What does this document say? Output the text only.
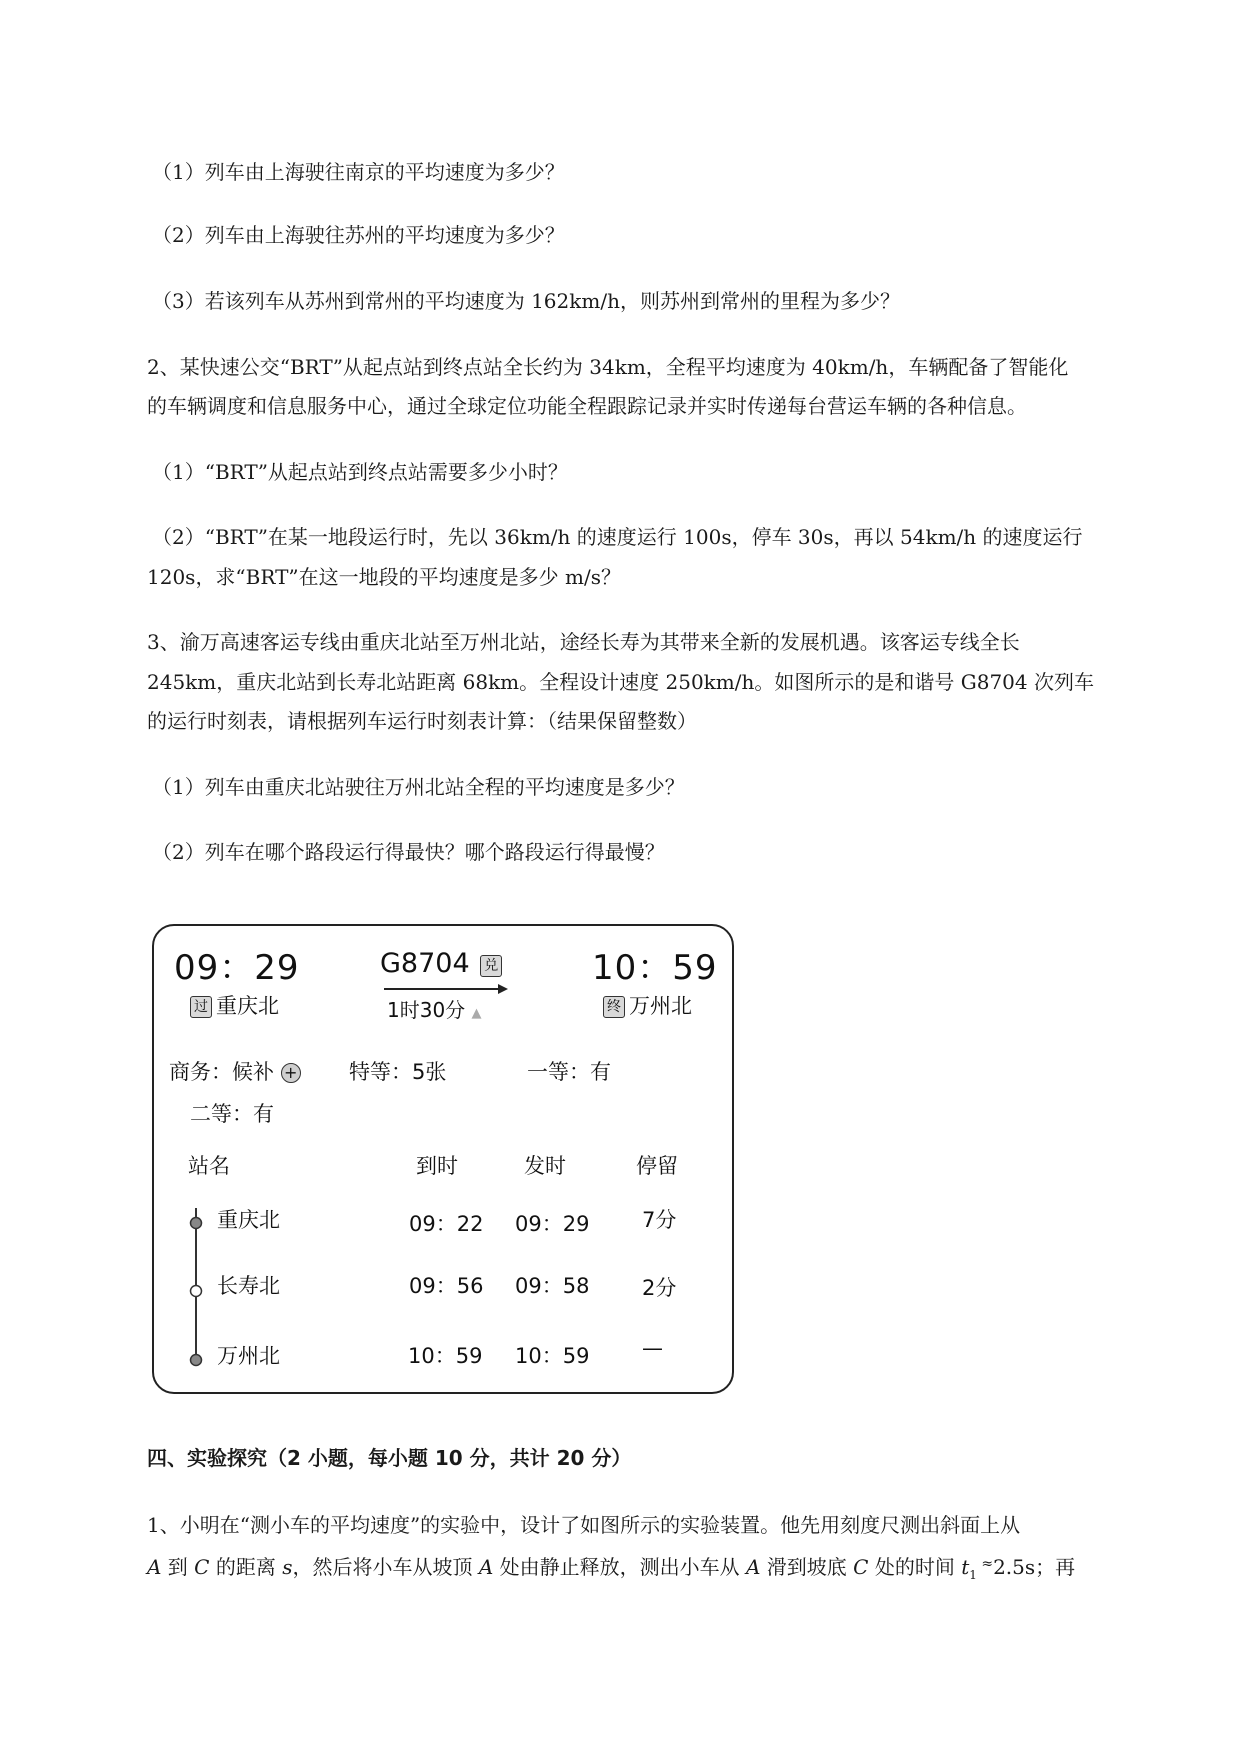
（1）列车由上海驶往南京的平均速度为多少？
（2）列车由上海驶往苏州的平均速度为多少？
（3）若该列车从苏州到常州的平均速度为 162km/h，则苏州到常州的里程为多少？
2、某快速公交“BRT”从起点站到终点站全长约为 34km，全程平均速度为 40km/h，车辆配备了智能化
的车辆调度和信息服务中心，通过全球定位功能全程跟踪记录并实时传递每台营运车辆的各种信息。
（1）“BRT”从起点站到终点站需要多少小时？
（2）“BRT”在某一地段运行时，先以 36km/h 的速度运行 100s，停车 30s，再以 54km/h 的速度运行
120s，求“BRT”在这一地段的平均速度是多少 m/s？
3、渝万高速客运专线由重庆北站至万州北站，途经长寿为其带来全新的发展机遇。该客运专线全长
245km，重庆北站到长寿北站距离 68km。全程设计速度 250km/h。如图所示的是和谐号 G8704 次列车
的运行时刻表，请根据列车运行时刻表计算：（结果保留整数）
（1）列车由重庆北站驶往万州北站全程的平均速度是多少？
（2）列车在哪个路段运行得最快？哪个路段运行得最慢？
09：29	G8704 兑	10：59
过 重庆北	1时30分 ▲	终 万州北
商务：候补 + 特等：5张	一等：有
二等：有
站名	到时	发时	停留
重庆北	09：22 09：29	7分
长寿北	09：56 09：58	2分
万州北	10：59 10：59	—
四、实验探究（2 小题，每小题 10 分，共计 20 分）
1、小明在“测小车的平均速度”的实验中，设计了如图所示的实验装置。他先用刻度尺测出斜面上从
A 到 C 的距离 s，然后将小车从坡顶 A 处由静止释放，测出小车从 A 滑到坡底 C 处的时间 $t_1$ ≈2.5s；再
